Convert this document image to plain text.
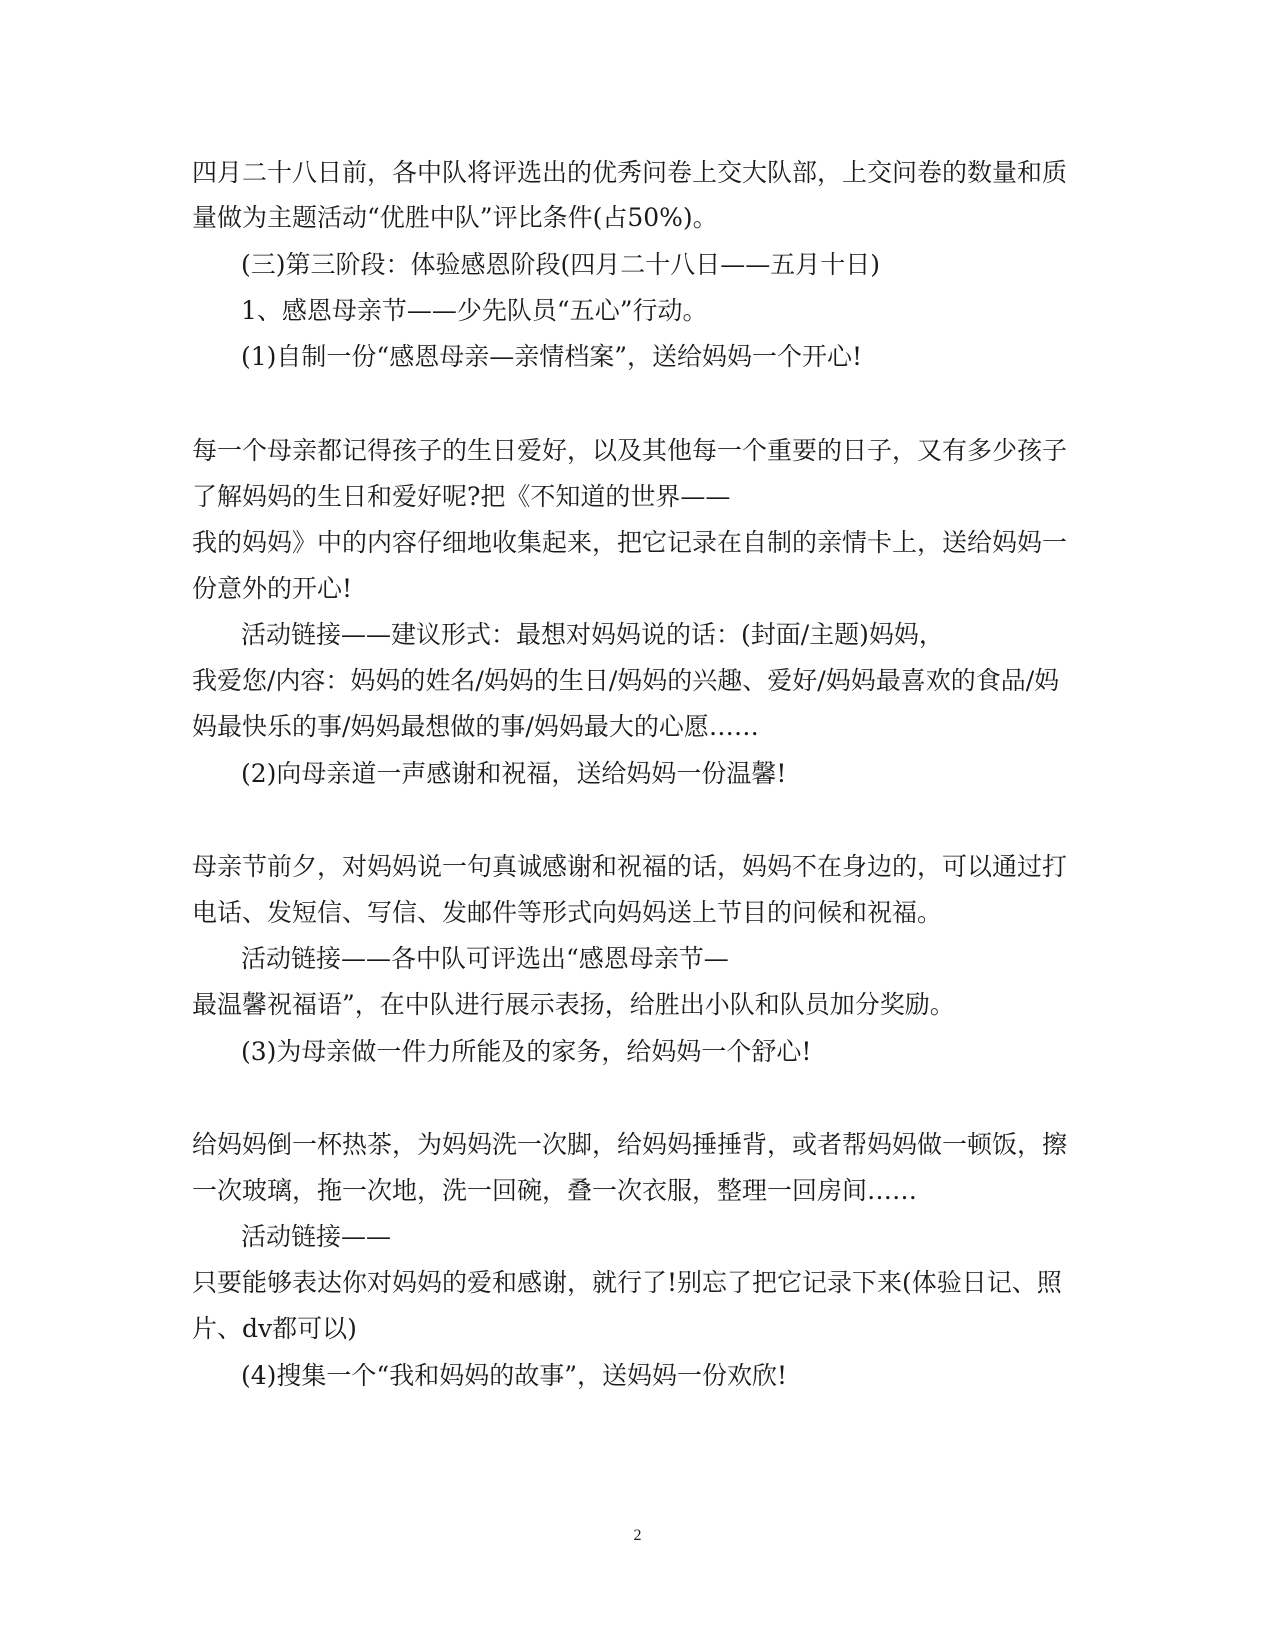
四月二十八日前，各中队将评选出的优秀问卷上交大队部，上交问卷的数量和质
量做为主题活动“优胜中队”评比条件(占50%)。
(三)第三阶段：体验感恩阶段(四月二十八日——五月十日)
1、感恩母亲节——少先队员“五心”行动。
(1)自制一份“感恩母亲—亲情档案”，送给妈妈一个开心!
每一个母亲都记得孩子的生日爱好，以及其他每一个重要的日子，又有多少孩子
了解妈妈的生日和爱好呢?把《不知道的世界——
我的妈妈》中的内容仔细地收集起来，把它记录在自制的亲情卡上，送给妈妈一
份意外的开心!
活动链接——建议形式：最想对妈妈说的话：(封面/主题)妈妈，
我爱您/内容：妈妈的姓名/妈妈的生日/妈妈的兴趣、爱好/妈妈最喜欢的食品/妈
妈最快乐的事/妈妈最想做的事/妈妈最大的心愿……
(2)向母亲道一声感谢和祝福，送给妈妈一份温馨!
母亲节前夕，对妈妈说一句真诚感谢和祝福的话，妈妈不在身边的，可以通过打
电话、发短信、写信、发邮件等形式向妈妈送上节目的问候和祝福。
活动链接——各中队可评选出“感恩母亲节—
最温馨祝福语”，在中队进行展示表扬，给胜出小队和队员加分奖励。
(3)为母亲做一件力所能及的家务，给妈妈一个舒心!
给妈妈倒一杯热茶，为妈妈洗一次脚，给妈妈捶捶背，或者帮妈妈做一顿饭，擦
一次玻璃，拖一次地，洗一回碗，叠一次衣服，整理一回房间……
活动链接——
只要能够表达你对妈妈的爱和感谢，就行了!别忘了把它记录下来(体验日记、照
片、dv都可以)
(4)搜集一个“我和妈妈的故事”，送妈妈一份欢欣!
2
